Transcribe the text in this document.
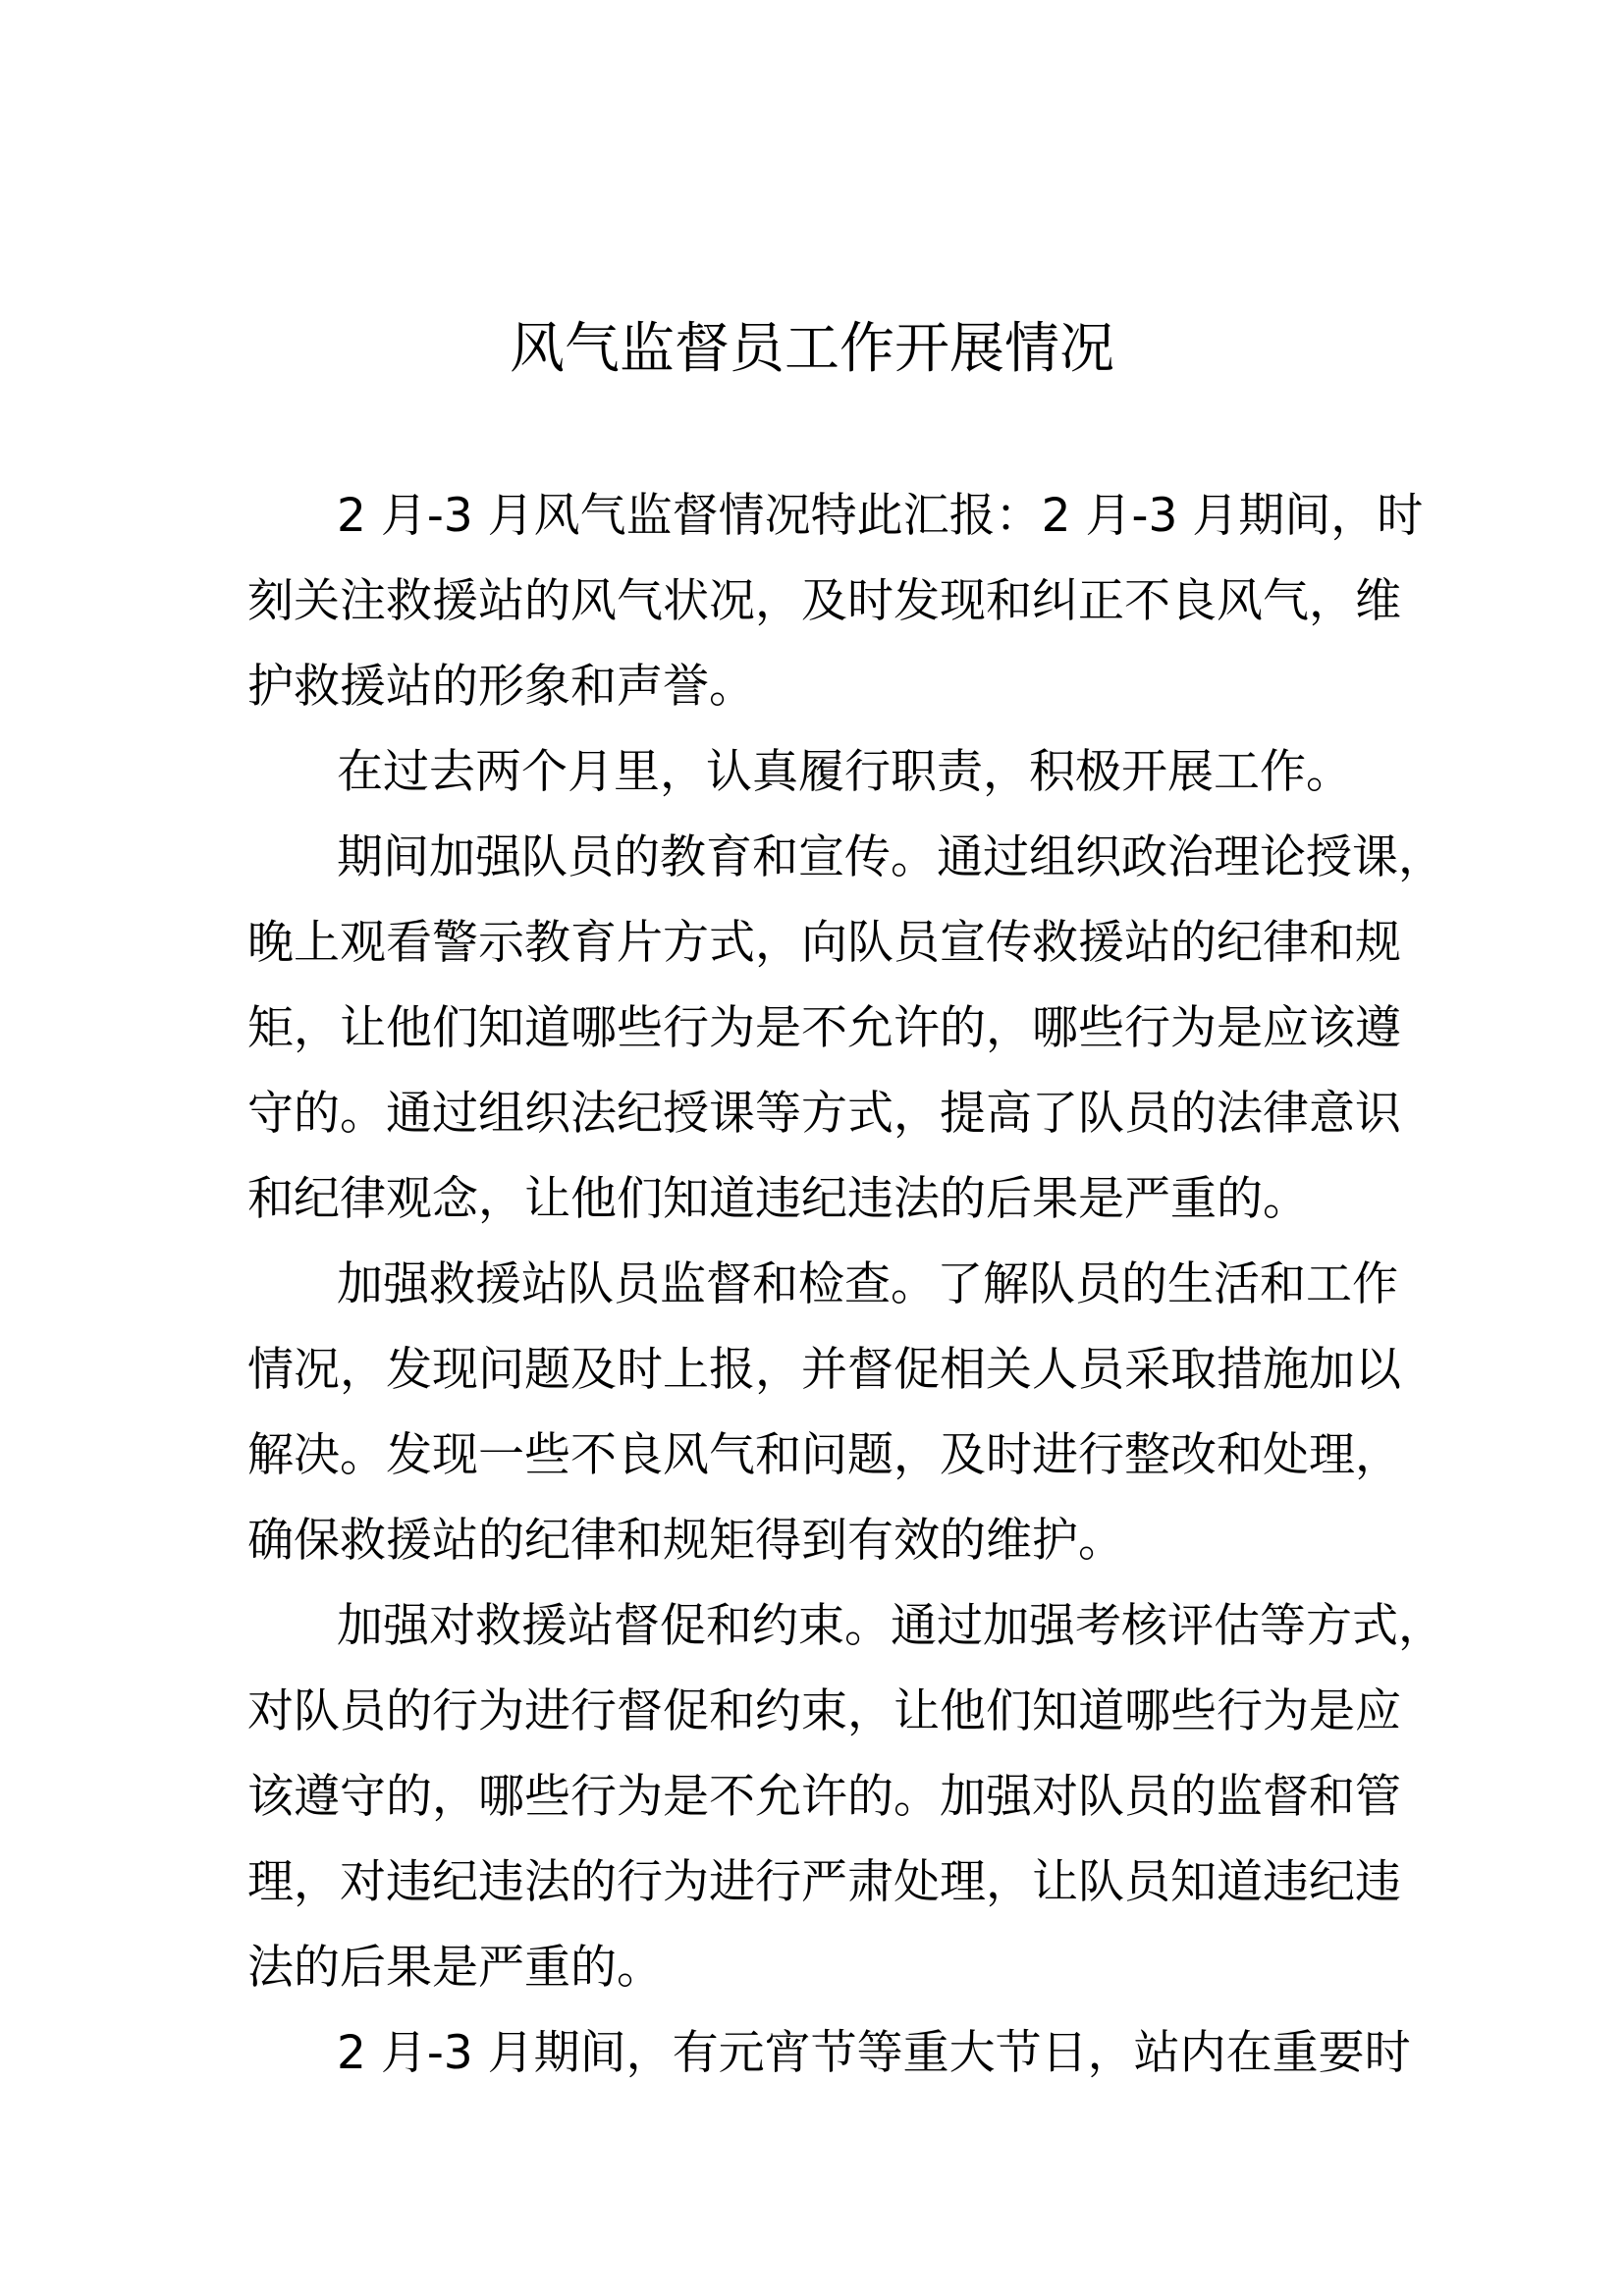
风气监督员工作开展情况
2 月-3 月风气监督情况特此汇报：2 月-3 月期间，时
刻关注救援站的风气状况，及时发现和纠正不良风气，维
护救援站的形象和声誉。
在过去两个月里，认真履行职责，积极开展工作。
期间加强队员的教育和宣传。通过组织政治理论授课，
晚上观看警示教育片方式，向队员宣传救援站的纪律和规
矩，让他们知道哪些行为是不允许的，哪些行为是应该遵
守的。通过组织法纪授课等方式，提高了队员的法律意识
和纪律观念，让他们知道违纪违法的后果是严重的。
加强救援站队员监督和检查。了解队员的生活和工作
情况，发现问题及时上报，并督促相关人员采取措施加以
解决。发现一些不良风气和问题，及时进行整改和处理，
确保救援站的纪律和规矩得到有效的维护。
加强对救援站督促和约束。通过加强考核评估等方式，
对队员的行为进行督促和约束，让他们知道哪些行为是应
该遵守的，哪些行为是不允许的。加强对队员的监督和管
理，对违纪违法的行为进行严肃处理，让队员知道违纪违
法的后果是严重的。
2 月-3 月期间，有元宵节等重大节日，站内在重要时
